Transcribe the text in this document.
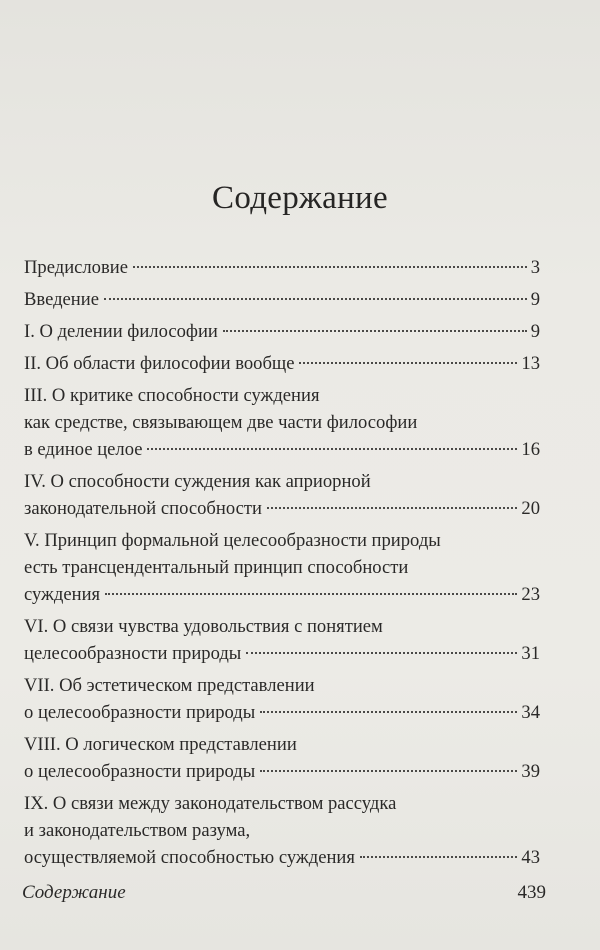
Содержание
Предисловие	3
Введение	9
I. О делении философии	9
II. Об области философии вообще	13
III. О критике способности суждения
как средстве, связывающем две части философии
в единое целое	16
IV. О способности суждения как априорной
законодательной способности	20
V. Принцип формальной целесообразности природы
есть трансцендентальный принцип способности
суждения	23
VI. О связи чувства удовольствия с понятием
целесообразности природы	31
VII. Об эстетическом представлении
о целесообразности природы	34
VIII. О логическом представлении
о целесообразности природы	39
IX. О связи между законодательством рассудка
и законодательством разума,
осуществляемой способностью суждения	43
Содержание	439
